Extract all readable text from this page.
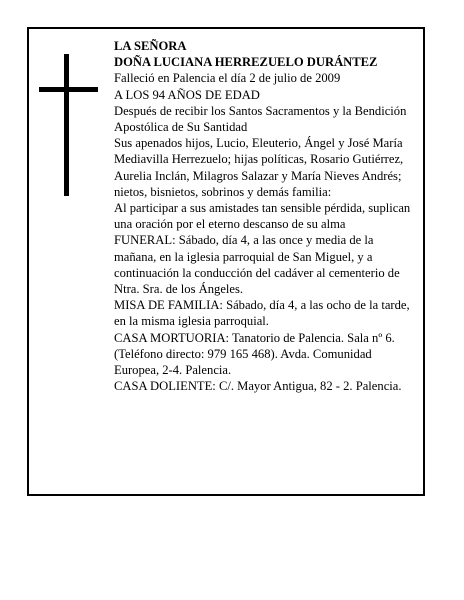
LA SEÑORA

DOÑA LUCIANA HERREZUELO DURÁNTEZ

Falleció en Palencia el día 2 de julio de 2009

A LOS 94 AÑOS DE EDAD

Después de recibir los Santos Sacramentos y la Bendición Apostólica de Su Santidad

Sus apenados hijos, Lucio, Eleuterio, Ángel y José María Mediavilla Herrezuelo; hijas políticas, Rosario Gutiérrez, Aurelia Inclán, Milagros Salazar y María Nieves Andrés; nietos, bisnietos, sobrinos y demás familia:

Al participar a sus amistades tan sensible pérdida, suplican una oración por el eterno descanso de su alma

FUNERAL: Sábado, día 4, a las once y media de la mañana, en la iglesia parroquial de San Miguel, y a continuación la conducción del cadáver al cementerio de Ntra. Sra. de los Ángeles.

MISA DE FAMILIA: Sábado, día 4, a las ocho de la tarde, en la misma iglesia parroquial.

CASA MORTUORIA: Tanatorio de Palencia. Sala nº 6. (Teléfono directo: 979 165 468). Avda. Comunidad Europea, 2-4. Palencia.

CASA DOLIENTE: C/. Mayor Antigua, 82 - 2. Palencia.
